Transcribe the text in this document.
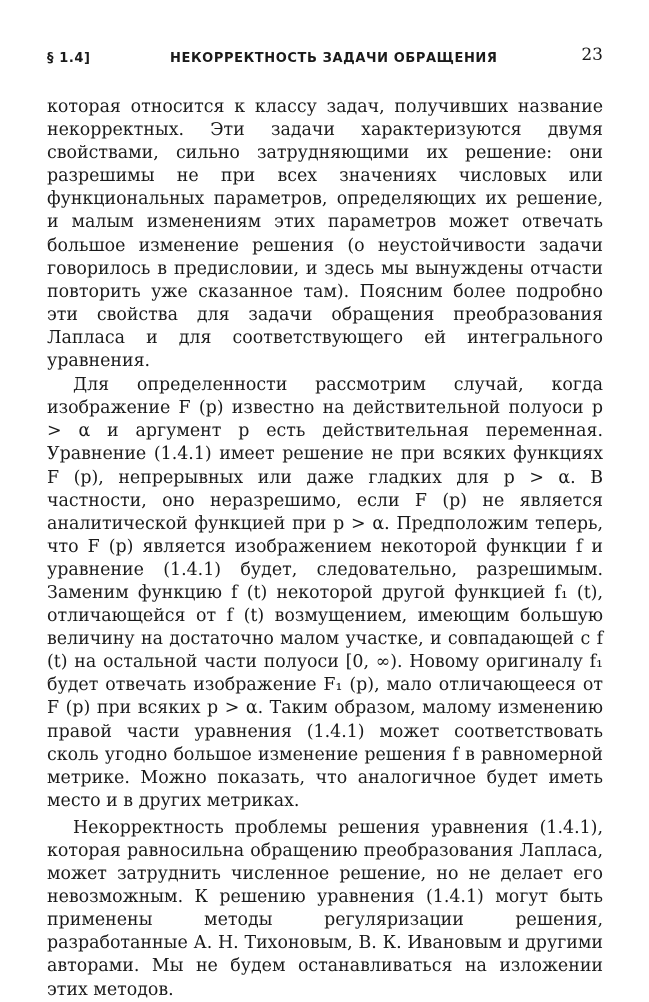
§ 1.4]	НЕКОРРЕКТНОСТЬ ЗАДАЧИ ОБРАЩЕНИЯ	23

которая относится к классу задач, получивших название некорректных. Эти задачи характеризуются двумя свойствами, сильно затрудняющими их решение: они разрешимы не при всех значениях числовых или функциональных параметров, определяющих их решение, и малым изменениям этих параметров может отвечать большое изменение решения (о неустойчивости задачи говорилось в предисловии, и здесь мы вынуждены отчасти повторить уже сказанное там). Поясним более подробно эти свойства для задачи обращения преобразования Лапласа и для соответствующего ей интегрального уравнения.

Для определенности рассмотрим случай, когда изображение F (p) известно на действительной полуоси p > α и аргумент p есть действительная переменная. Уравнение (1.4.1) имеет решение не при всяких функциях F (p), непрерывных или даже гладких для p > α. В частности, оно неразрешимо, если F (p) не является аналитической функцией при p > α. Предположим теперь, что F (p) является изображением некоторой функции f и уравнение (1.4.1) будет, следовательно, разрешимым. Заменим функцию f (t) некоторой другой функцией f₁ (t), отличающейся от f (t) возмущением, имеющим большую величину на достаточно малом участке, и совпадающей с f (t) на остальной части полуоси [0, ∞). Новому оригиналу f₁ будет отвечать изображение F₁ (p), мало отличающееся от F (p) при всяких p > α. Таким образом, малому изменению правой части уравнения (1.4.1) может соответствовать сколь угодно большое изменение решения f в равномерной метрике. Можно показать, что аналогичное будет иметь место и в других метриках.

Некорректность проблемы решения уравнения (1.4.1), которая равносильна обращению преобразования Лапласа, может затруднить численное решение, но не делает его невозможным. К решению уравнения (1.4.1) могут быть применены методы регуляризации решения, разработанные А. Н. Тихоновым, В. К. Ивановым и другими авторами. Мы не будем останавливаться на изложении этих методов.
